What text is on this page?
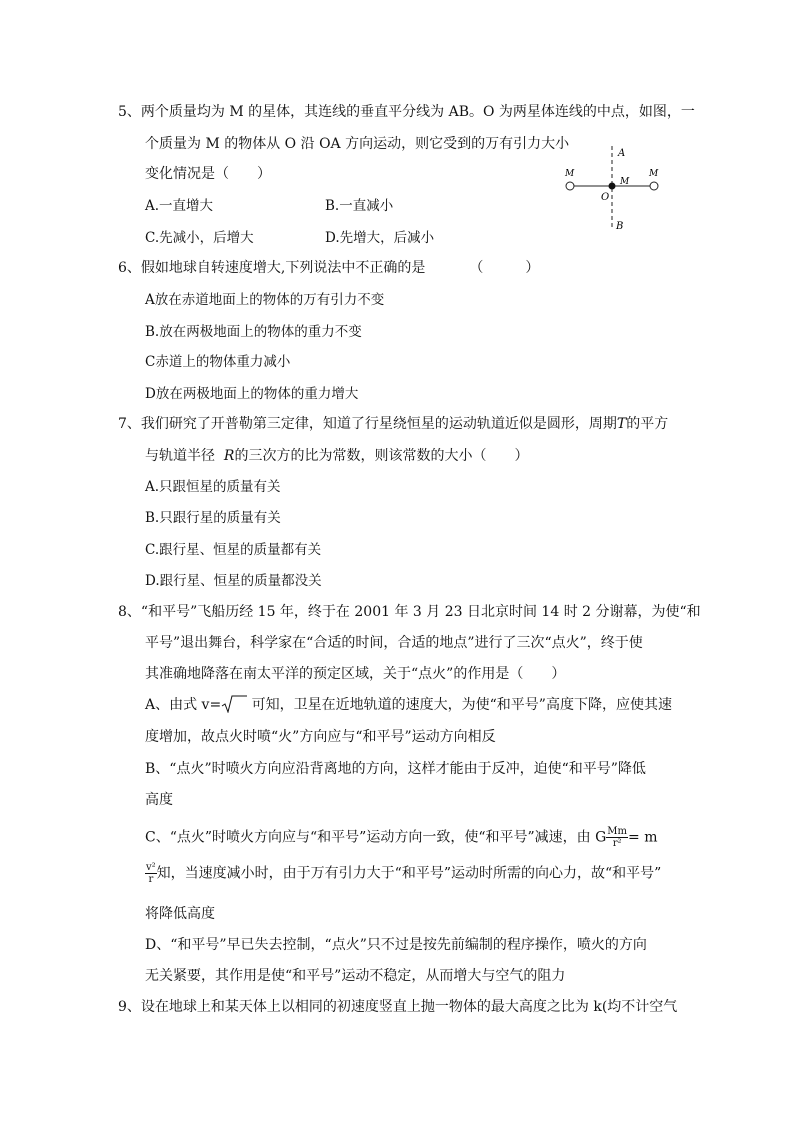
5、两个质量均为 M 的星体，其连线的垂直平分线为 AB。O 为两星体连线的中点，如图，一
个质量为 M 的物体从 O 沿 OA 方向运动，则它受到的万有引力大小
变化情况是（　　）
A.一直增大	B.一直减小
C.先减小，后增大	D.先增大，后减小
A
B
O
M
M
M
6、假如地球自转速度增大,下列说法中不正确的是	（　　　）
A放在赤道地面上的物体的万有引力不变
B.放在两极地面上的物体的重力不变
C赤道上的物体重力减小
D放在两极地面上的物体的重力增大
7、我们研究了开普勒第三定律，知道了行星绕恒星的运动轨道近似是圆形，周期T的平方
与轨道半径 R的三次方的比为常数，则该常数的大小（　　）
A.只跟恒星的质量有关
B.只跟行星的质量有关
C.跟行星、恒星的质量都有关
D.跟行星、恒星的质量都没关
8、“和平号”飞船历经 15 年，终于在 2001 年 3 月 23 日北京时间 14 时 2 分谢幕，为使“和
平号”退出舞台，科学家在“合适的时间，合适的地点”进行了三次“点火”，终于使
其准确地降落在南太平洋的预定区域，关于“点火”的作用是（　　）
A、由式 v= 可知，卫星在近地轨道的速度大，为使“和平号”高度下降，应使其速
度增加，故点火时喷“火”方向应与“和平号”运动方向相反
B、“点火”时喷火方向应沿背离地的方向，这样才能由于反冲，迫使“和平号”降低
高度
C、“点火”时喷火方向应与“和平号”运动方向一致，使“和平号”减速，由 G $\frac{Mm}{\text{r²}} = m$
$\frac{\text{v²}}{r}$ 知，当速度减小时，由于万有引力大于“和平号”运动时所需的向心力，故“和平号”
将降低高度
D、“和平号”早已失去控制，“点火”只不过是按先前编制的程序操作，喷火的方向
无关紧要，其作用是使“和平号”运动不稳定，从而增大与空气的阻力
9、设在地球上和某天体上以相同的初速度竖直上抛一物体的最大高度之比为 k(均不计空气
